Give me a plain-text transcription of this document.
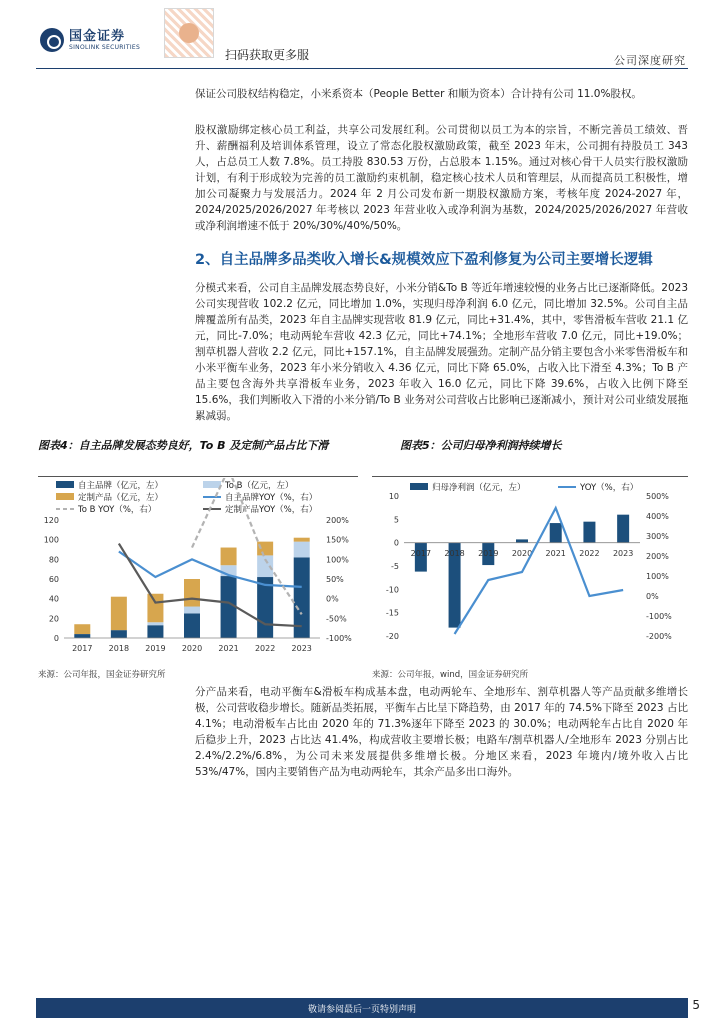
国金证券
SINOLINK SECURITIES
扫码获取更多服	公司深度研究
保证公司股权结构稳定，小米系资本（People Better 和顺为资本）合计持有公司 11.0%股权。
股权激励绑定核心员工利益，共享公司发展红利。公司贯彻以员工为本的宗旨，不断完善员工绩效、晋升、薪酬福利及培训体系管理，设立了常态化股权激励政策，截至 2023 年末，公司拥有持股员工 343 人，占总员工人数 7.8%。员工持股 830.53 万份，占总股本 1.15%。通过对核心骨干人员实行股权激励计划，有利于形成较为完善的员工激励约束机制，稳定核心技术人员和管理层，从而提高员工积极性，增加公司凝聚力与发展活力。2024 年 2 月公司发布新一期股权激励方案，考核年度 2024-2027 年，2024/2025/2026/2027 年考核以 2023 年营业收入或净利润为基数，2024/2025/2026/2027 年营收或净利润增速不低于 20%/30%/40%/50%。
2、自主品牌多品类收入增长&规模效应下盈利修复为公司主要增长逻辑
分模式来看，公司自主品牌发展态势良好，小米分销&To B 等近年增速较慢的业务占比已逐渐降低。2023 公司实现营收 102.2 亿元，同比增加 1.0%，实现归母净利润 6.0 亿元，同比增加 32.5%。公司自主品牌覆盖所有品类，2023 年自主品牌实现营收 81.9 亿元，同比+31.4%，其中，零售滑板车营收 21.1 亿元，同比-7.0%；电动两轮车营收 42.3 亿元，同比+74.1%；全地形车营收 7.0 亿元，同比+19.0%；割草机器人营收 2.2 亿元，同比+157.1%，自主品牌发展强劲。定制产品分销主要包含小米零售滑板车和小米平衡车业务，2023 年小米分销收入 4.36 亿元，同比下降 65.0%，占收入比下滑至 4.3%；To B 产品主要包含海外共享滑板车业务，2023 年收入 16.0 亿元，同比下降 39.6%，占收入比例下降至 15.6%，我们判断收入下滑的小米分销/To B 业务对公司营收占比影响已逐渐减小，预计对公司业绩发展拖累减弱。
图表4：自主品牌发展态势良好，To B 及定制产品占比下滑	图表5：公司归母净利润持续增长
自主品牌（亿元，左）	To B（亿元，左）
定制产品（亿元，左）	自主品牌YOY（%，右）
To B YOY（%，右）	定制产品YOY（%，右）
0
20
40
60
80
100
120
-100%
-50%
0%
50%
100%
150%
200%
2017 2018 2019 2020 2021 2022 2023
归母净利润（亿元，左）	YOY（%，右）
-20
-15
-10
-5
0
5
10
-200%
-100%
0%
100%
200%
300%
400%
500%
2017 2018 2019 2020 2021 2022 2023
来源：公司年报，国金证券研究所	来源：公司年报，wind，国金证券研究所
分产品来看，电动平衡车&滑板车构成基本盘，电动两轮车、全地形车、割草机器人等产品贡献多维增长极，公司营收稳步增长。随新品类拓展，平衡车占比呈下降趋势，由 2017 年的 74.5%下降至 2023 占比 4.1%；电动滑板车占比由 2020 年的 71.3%逐年下降至 2023 的 30.0%；电动两轮车占比自 2020 年后稳步上升，2023 占比达 41.4%，构成营收主要增长极；电路车/割草机器人/全地形车 2023 分别占比 2.4%/2.2%/6.8%，为公司未来发展提供多维增长极。分地区来看，2023 年境内/境外收入占比 53%/47%，国内主要销售产品为电动两轮车，其余产品多出口海外。
敬请参阅最后一页特别声明	5
